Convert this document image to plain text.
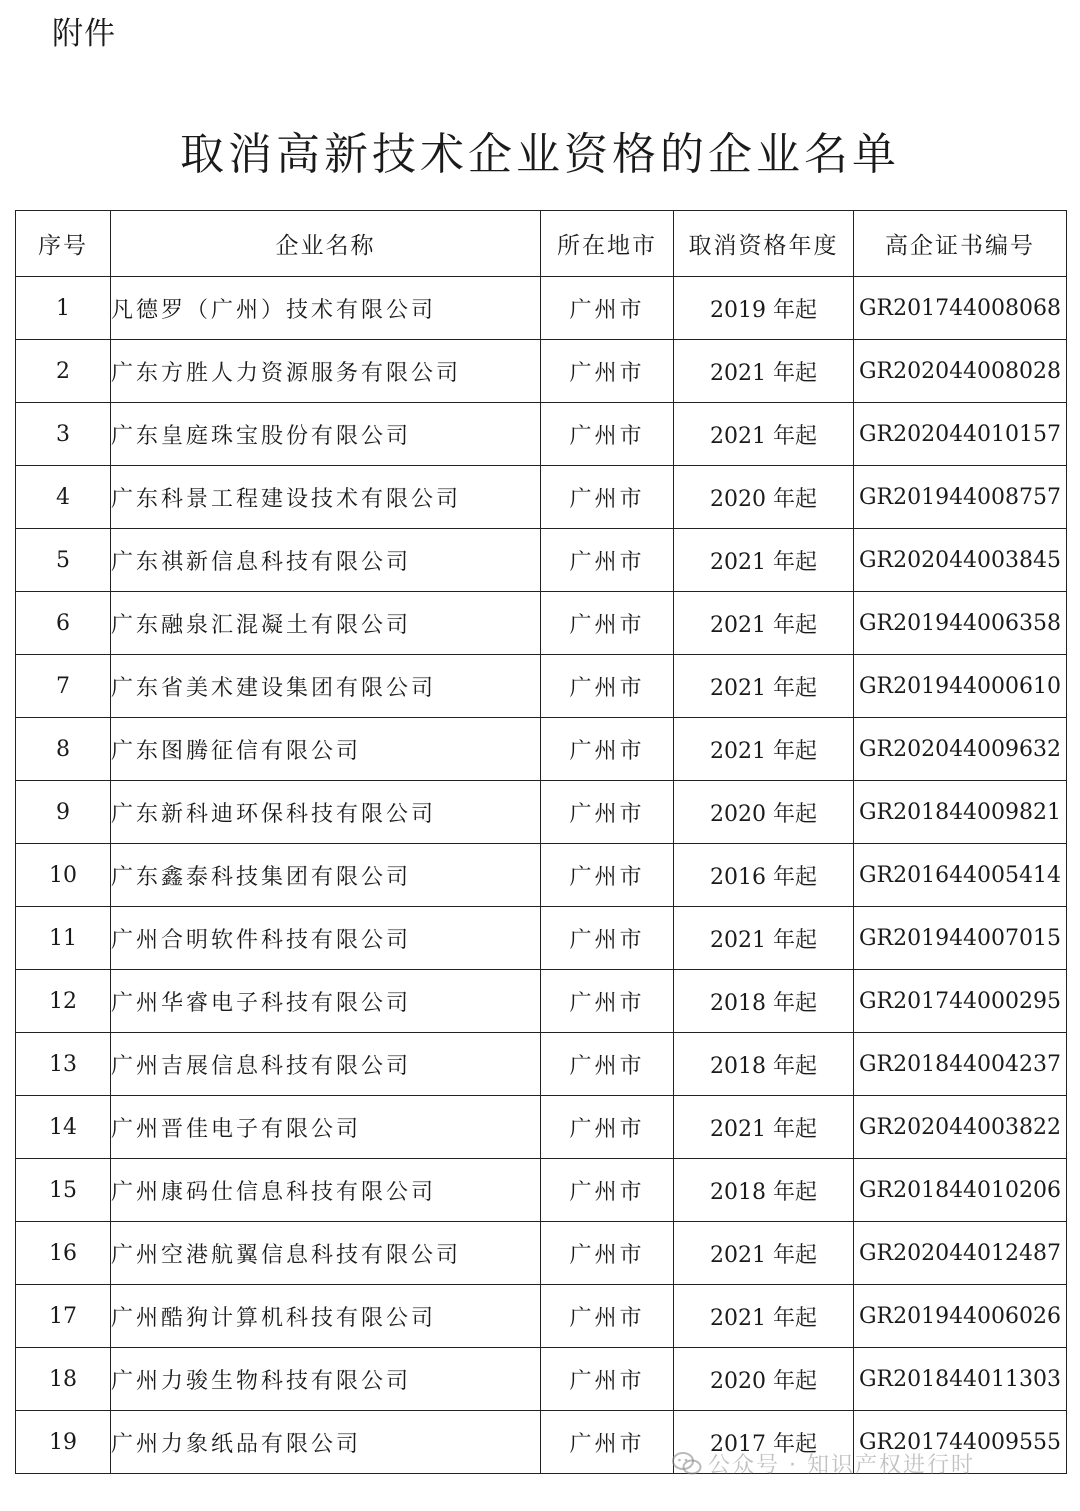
附件
取消高新技术企业资格的企业名单
序号	企业名称	所在地市	取消资格年度	高企证书编号
1	凡德罗（广州）技术有限公司	广州市	2019 年起	GR201744008068
2	广东方胜人力资源服务有限公司	广州市	2021 年起	GR202044008028
3	广东皇庭珠宝股份有限公司	广州市	2021 年起	GR202044010157
4	广东科景工程建设技术有限公司	广州市	2020 年起	GR201944008757
5	广东祺新信息科技有限公司	广州市	2021 年起	GR202044003845
6	广东融泉汇混凝土有限公司	广州市	2021 年起	GR201944006358
7	广东省美术建设集团有限公司	广州市	2021 年起	GR201944000610
8	广东图腾征信有限公司	广州市	2021 年起	GR202044009632
9	广东新科迪环保科技有限公司	广州市	2020 年起	GR201844009821
10	广东鑫泰科技集团有限公司	广州市	2016 年起	GR201644005414
11	广州合明软件科技有限公司	广州市	2021 年起	GR201944007015
12	广州华睿电子科技有限公司	广州市	2018 年起	GR201744000295
13	广州吉展信息科技有限公司	广州市	2018 年起	GR201844004237
14	广州晋佳电子有限公司	广州市	2021 年起	GR202044003822
15	广州康码仕信息科技有限公司	广州市	2018 年起	GR201844010206
16	广州空港航翼信息科技有限公司	广州市	2021 年起	GR202044012487
17	广州酷狗计算机科技有限公司	广州市	2021 年起	GR201944006026
18	广州力骏生物科技有限公司	广州市	2020 年起	GR201844011303
19	广州力象纸品有限公司	广州市	2017 年起	GR201744009555
公众号 · 知识产权进行时
